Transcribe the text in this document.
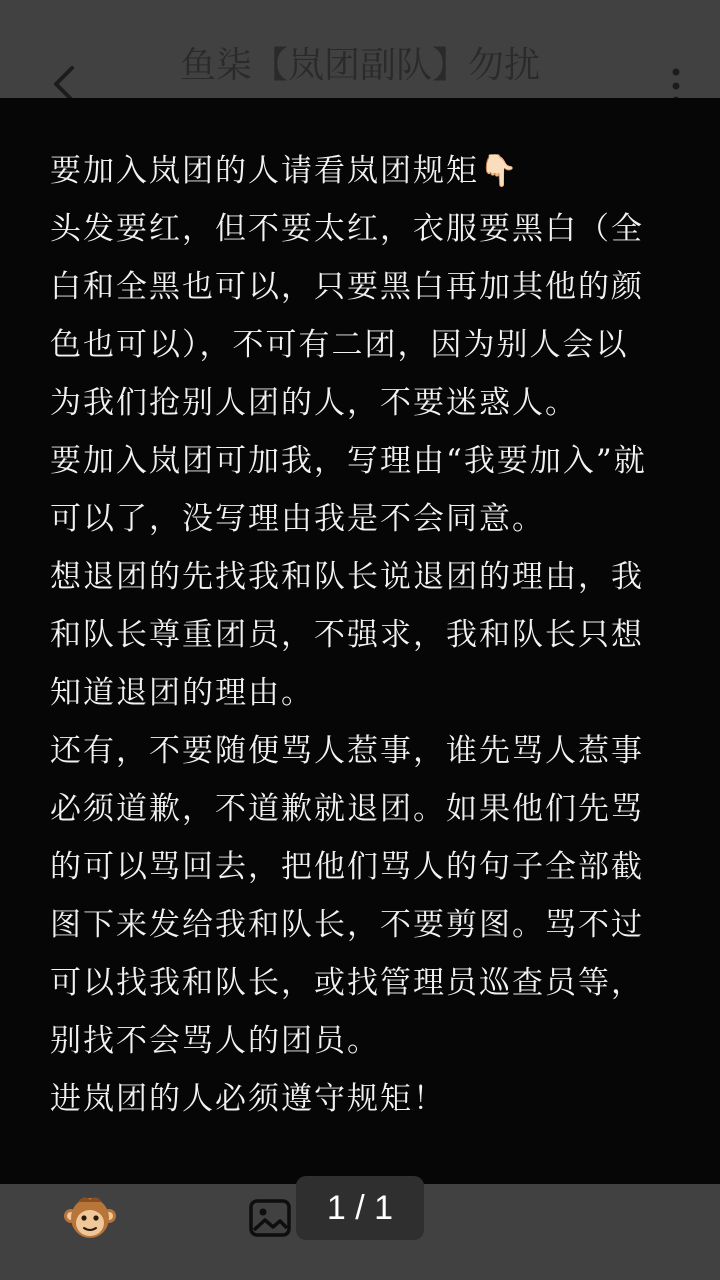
鱼柒【岚团副队】勿扰

要加入岚团的人请看岚团规矩👇🏻

头发要红，但不要太红，衣服要黑白（全白和全黑也可以，只要黑白再加其他的颜色也可以），不可有二团，因为别人会以为我们抢别人团的人，不要迷惑人。

要加入岚团可加我，写理由“我要加入”就可以了，没写理由我是不会同意。

想退团的先找我和队长说退团的理由，我和队长尊重团员，不强求，我和队长只想知道退团的理由。

还有，不要随便骂人惹事，谁先骂人惹事必须道歉，不道歉就退团。如果他们先骂的可以骂回去，把他们骂人的句子全部截图下来发给我和队长，不要剪图。骂不过可以找我和队长，或找管理员巡查员等，别找不会骂人的团员。

进岚团的人必须遵守规矩！

1 / 1
